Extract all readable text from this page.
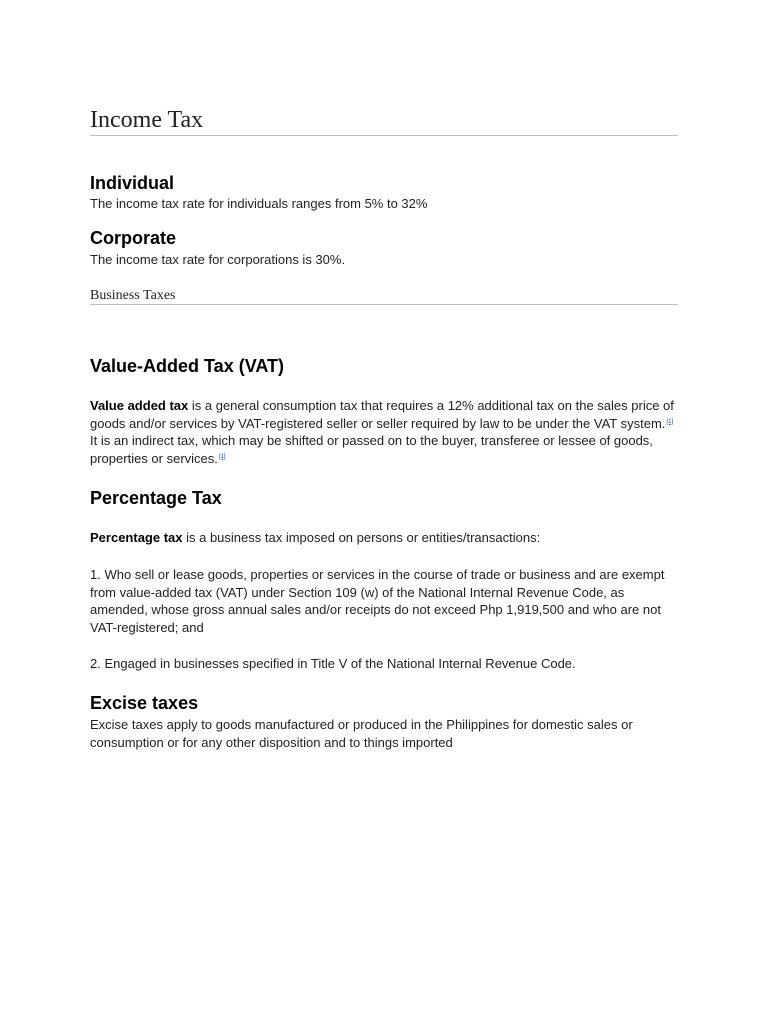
Income Tax
Individual
The income tax rate for individuals ranges from 5% to 32%
Corporate
The income tax rate for corporations is 30%.
Business Taxes
Value-Added Tax (VAT)
Value added tax is a general consumption tax that requires a 12% additional tax on the sales price of goods and/or services by VAT-registered seller or seller required by law to be under the VAT system.[1] It is an indirect tax, which may be shifted or passed on to the buyer, transferee or lessee of goods, properties or services.[1]
Percentage Tax
Percentage tax is a business tax imposed on persons or entities/transactions:
1. Who sell or lease goods, properties or services in the course of trade or business and are exempt from value-added tax (VAT) under Section 109 (w) of the National Internal Revenue Code, as amended, whose gross annual sales and/or receipts do not exceed Php 1,919,500 and who are not VAT-registered; and
2. Engaged in businesses specified in Title V of the National Internal Revenue Code.
Excise taxes
Excise taxes apply to goods manufactured or produced in the Philippines for domestic sales or consumption or for any other disposition and to things imported
